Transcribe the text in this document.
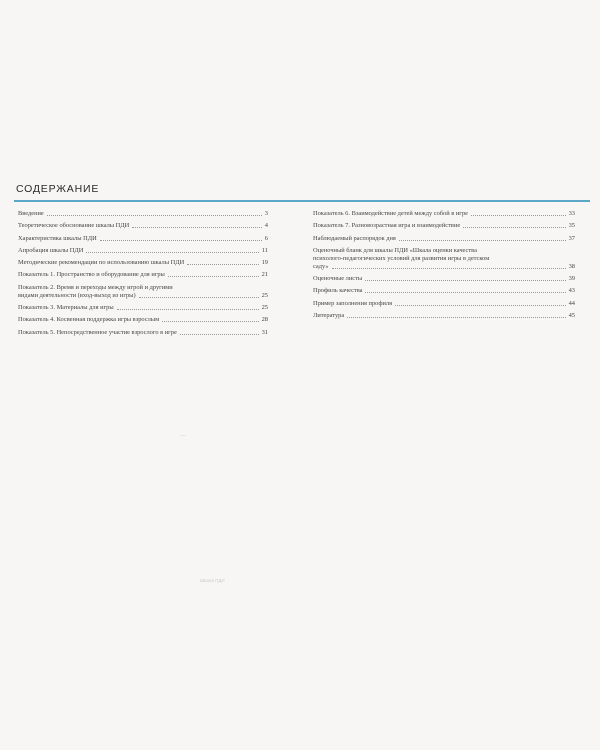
СОДЕРЖАНИЕ
Введение	3
Теоретическое обоснование шкалы ПДИ	4
Характеристика шкалы ПДИ	6
Апробация шкалы ПДИ	11
Методические рекомендации по использованию шкалы ПДИ	19
Показатель 1. Пространство и оборудование для игры	21
Показатель 2. Время и переходы между игрой и другими
видами деятельности (вход-выход из игры)	25
Показатель 3. Материалы для игры	25
Показатель 4. Косвенная поддержка игры взрослым	28
Показатель 5. Непосредственное участие взрослого в игре	31
Показатель 6. Взаимодействие детей между собой в игре	33
Показатель 7. Разновозрастная игра и взаимодействие	35
Наблюдаемый распорядок дня	37
Оценочный бланк для шкалы ПДИ «Шкала оценки качества
психолого-педагогических условий для развития игры в детском
саду»	38
Оценочные листы	39
Профиль качества	43
Пример заполнения профиля	44
Литература	45
Шкала ПДИ
